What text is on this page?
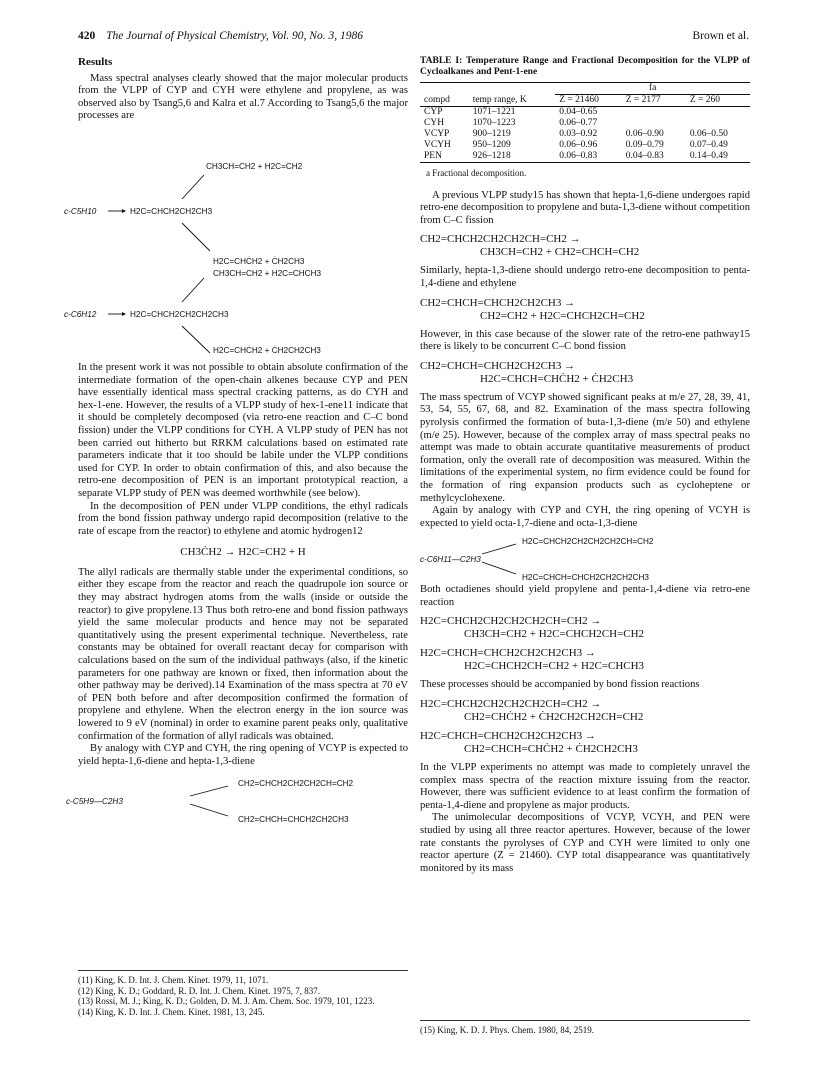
420 The Journal of Physical Chemistry, Vol. 90, No. 3, 1986	Brown et al.
Results

Mass spectral analyses clearly showed that the major molecular products from the VLPP of CYP and CYH were ethylene and propylene, as was observed also by Tsang5,6 and Kalra et al.7 According to Tsang5,6 the major processes are

CH3CH=CH2 + H2C=CH2
c-C5H10	H2C=CHCH2CH2CH3
H2C=CHĊH2 + ĊH2CH3
CH3CH=CH2 + H2C=CHCH3
c-C6H12	H2C=CHCH2CH2CH2CH3
H2C=CHĊH2 + ĊH2CH2CH3

In the present work it was not possible to obtain absolute confirmation of the intermediate formation of the open-chain alkenes because CYP and PEN have essentially identical mass spectral cracking patterns, as do CYH and hex-1-ene. However, the results of a VLPP study of hex-1-ene11 indicate that it should be completely decomposed (via retro-ene reaction and C–C bond fission) under the VLPP conditions for CYH. A VLPP study of PEN has not been carried out hitherto but RRKM calculations based on estimated rate parameters indicate that it too should be labile under the VLPP conditions used for CYP. In order to obtain confirmation of this, and also because the retro-ene decomposition of PEN is an important prototypical reaction, a separate VLPP study of PEN was deemed worthwhile (see below).

In the decomposition of PEN under VLPP conditions, the ethyl radicals from the bond fission pathway undergo rapid decomposition (relative to the rate of escape from the reactor) to ethylene and atomic hydrogen12

CH3ĊH2 → H2C=CH2 + H

The allyl radicals are thermally stable under the experimental conditions, so either they escape from the reactor and reach the quadrupole ion source or they may abstract hydrogen atoms from the walls (inside or outside the reactor) to give propylene.13 Thus both retro-ene and bond fission pathways yield the same molecular products and hence may not be separated quantitatively using the present experimental technique. Nevertheless, rate constants may be obtained for overall reactant decay for comparison with calculations based on the sum of the individual pathways (also, if the kinetic parameters for one pathway are known or fixed, then information about the other pathway may be derived).14 Examination of the mass spectra at 70 eV of PEN both before and after decomposition confirmed the formation of propylene and ethylene. When the electron energy in the ion source was lowered to 9 eV (nominal) in order to examine parent peaks only, qualitative confirmation of the formation of allyl radicals was obtained.

By analogy with CYP and CYH, the ring opening of VCYP is expected to yield hepta-1,6-diene and hepta-1,3-diene

CH2=CHCH2CH2CH2CH=CH2
c-C5H9—C2H3
CH2=CHCH=CHCH2CH2CH3
(11) King, K. D. Int. J. Chem. Kinet. 1979, 11, 1071.
(12) King, K. D.; Goddard, R. D. Int. J. Chem. Kinet. 1975, 7, 837.
(13) Rossi, M. J.; King, K. D.; Golden, D. M. J. Am. Chem. Soc. 1979, 101, 1223.
(14) King, K. D. Int. J. Chem. Kinet. 1981, 13, 245.
TABLE I: Temperature Range and Fractional Decomposition for the VLPP of Cycloalkanes and Pent-1-ene
		fa		
compd	temp range, K	Z = 21460	Z = 2177	Z = 260
CYP	1071–1221	0.04–0.65		
CYH	1070–1223	0.06–0.77		
VCYP	900–1219	0.03–0.92	0.06–0.90	0.06–0.50
VCYH	950–1209	0.06–0.96	0.09–0.79	0.07–0.49
PEN	926–1218	0.06–0.83	0.04–0.83	0.14–0.49
a Fractional decomposition.

A previous VLPP study15 has shown that hepta-1,6-diene undergoes rapid retro-ene decomposition to propylene and buta-1,3-diene without competition from C–C fission

CH2=CHCH2CH2CH2CH=CH2 →
CH3CH=CH2 + CH2=CHCH=CH2

Similarly, hepta-1,3-diene should undergo retro-ene decomposition to penta-1,4-diene and ethylene

CH2=CHCH=CHCH2CH2CH3 →
CH2=CH2 + H2C=CHCH2CH=CH2

However, in this case because of the slower rate of the retro-ene pathway15 there is likely to be concurrent C–C bond fission

CH2=CHCH=CHCH2CH2CH3 →
H2C=CHCH=CHĊH2 + ĊH2CH3

The mass spectrum of VCYP showed significant peaks at m/e 27, 28, 39, 41, 53, 54, 55, 67, 68, and 82. Examination of the mass spectra following pyrolysis confirmed the formation of buta-1,3-diene (m/e 50) and ethylene (m/e 25). However, because of the complex array of mass spectral peaks no attempt was made to obtain accurate quantitative measurements of product formation, only the overall rate of decomposition was measured. Within the limitations of the experimental system, no firm evidence could be found for the formation of ring expansion products such as cycloheptene or methylcyclohexene.

Again by analogy with CYP and CYH, the ring opening of VCYH is expected to yield octa-1,7-diene and octa-1,3-diene

H2C=CHCH2CH2CH2CH2CH=CH2
c-C6H11—C2H3
H2C=CHCH=CHCH2CH2CH2CH3

Both octadienes should yield propylene and penta-1,4-diene via retro-ene reaction

H2C=CHCH2CH2CH2CH2CH=CH2 →
CH3CH=CH2 + H2C=CHCH2CH=CH2
H2C=CHCH=CHCH2CH2CH2CH3 →
H2C=CHCH2CH=CH2 + H2C=CHCH3

These processes should be accompanied by bond fission reactions

H2C=CHCH2CH2CH2CH2CH=CH2 →
CH2=CHĊH2 + ĊH2CH2CH2CH=CH2
H2C=CHCH=CHCH2CH2CH2CH3 →
CH2=CHCH=CHĊH2 + ĊH2CH2CH3

In the VLPP experiments no attempt was made to completely unravel the complex mass spectra of the reaction mixture issuing from the reactor. However, there was sufficient evidence to at least confirm the formation of penta-1,4-diene and propylene as major products.

The unimolecular decompositions of VCYP, VCYH, and PEN were studied by using all three reactor apertures. However, because of the lower rate constants the pyrolyses of CYP and CYH were limited to only one reactor aperture (Z = 21460). CYP total disappearance was quantitatively monitored by its mass

(15) King, K. D. J. Phys. Chem. 1980, 84, 2519.
